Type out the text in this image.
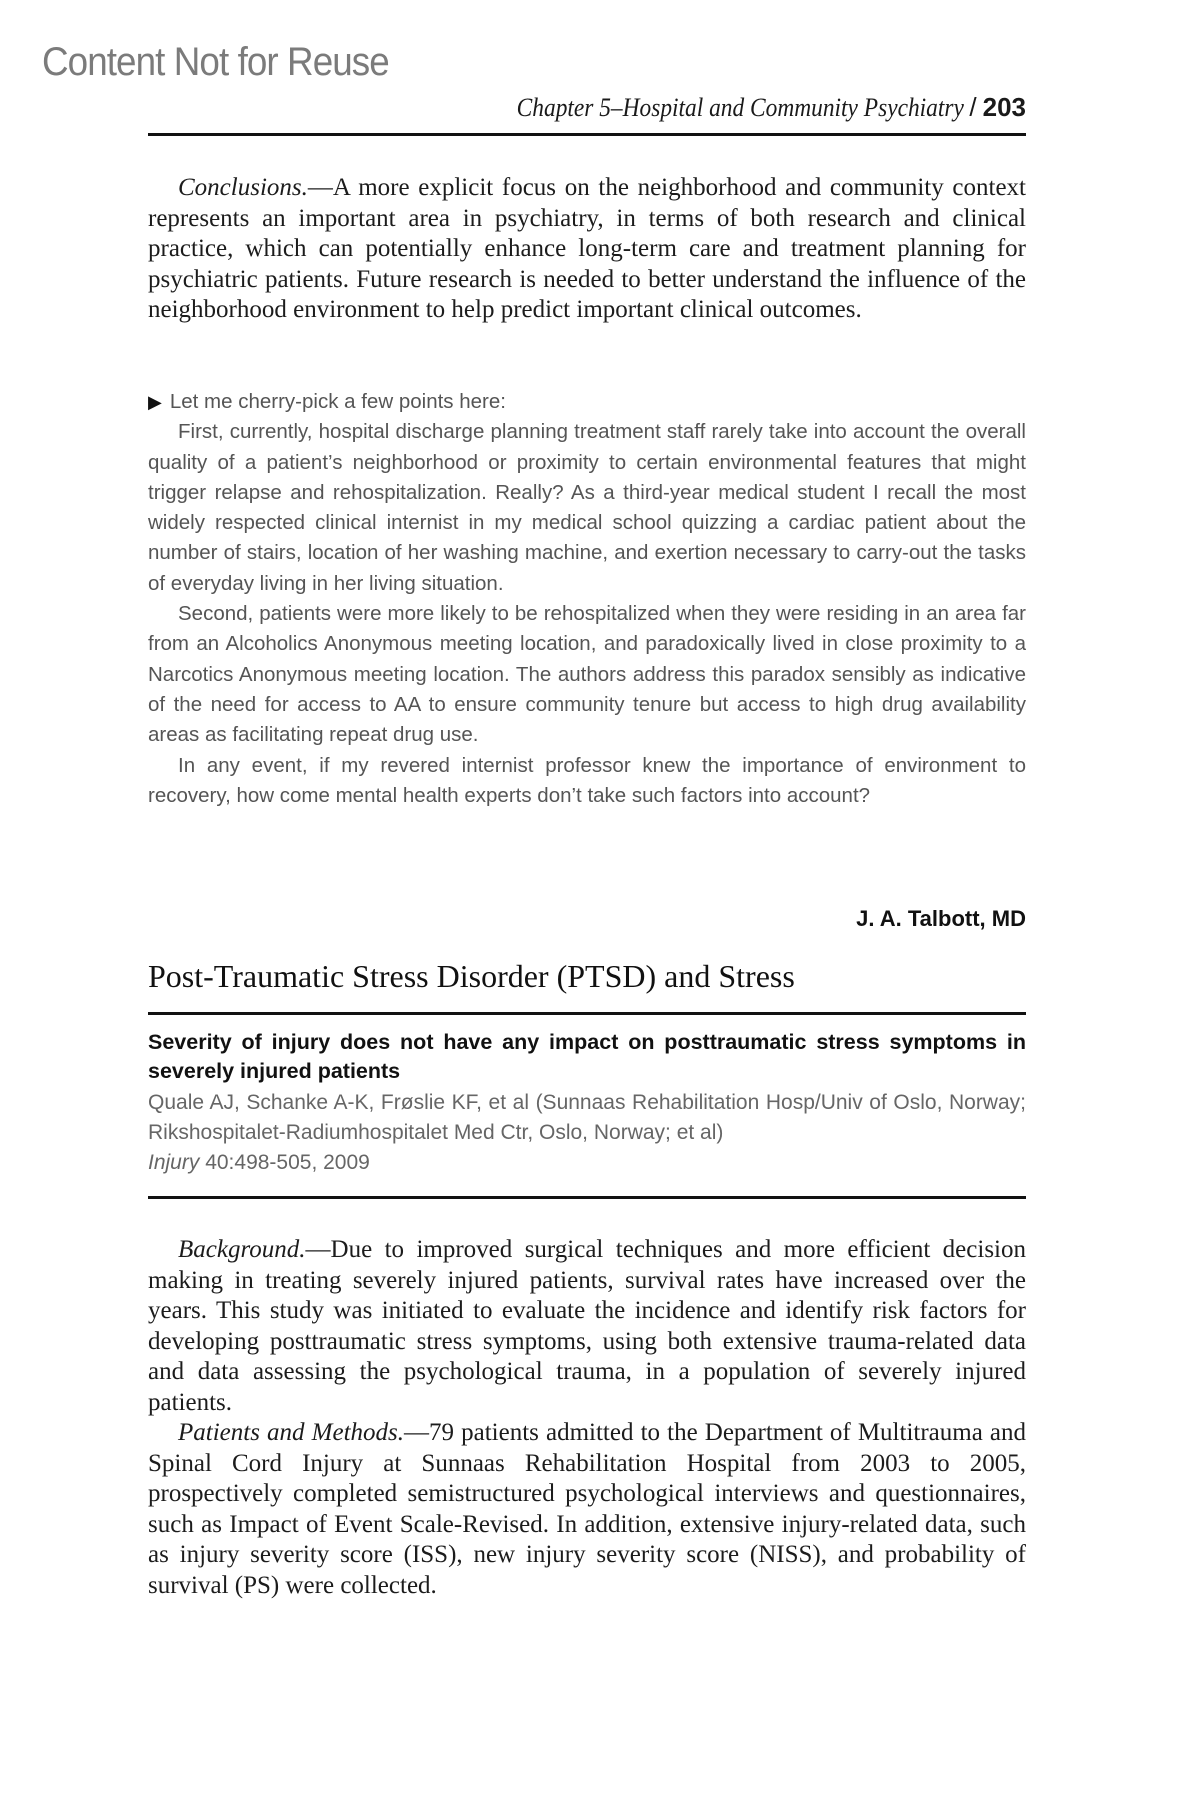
Content Not for Reuse
Chapter 5–Hospital and Community Psychiatry / 203

Conclusions.—A more explicit focus on the neighborhood and community context represents an important area in psychiatry, in terms of both research and clinical practice, which can potentially enhance long-term care and treatment planning for psychiatric patients. Future research is needed to better understand the influence of the neighborhood environment to help predict important clinical outcomes.

▶ Let me cherry-pick a few points here:

First, currently, hospital discharge planning treatment staff rarely take into account the overall quality of a patient’s neighborhood or proximity to certain environmental features that might trigger relapse and rehospitalization. Really? As a third-year medical student I recall the most widely respected clinical internist in my medical school quizzing a cardiac patient about the number of stairs, location of her washing machine, and exertion necessary to carry-out the tasks of everyday living in her living situation.

Second, patients were more likely to be rehospitalized when they were residing in an area far from an Alcoholics Anonymous meeting location, and paradoxically lived in close proximity to a Narcotics Anonymous meeting location. The authors address this paradox sensibly as indicative of the need for access to AA to ensure community tenure but access to high drug availability areas as facilitating repeat drug use.

In any event, if my revered internist professor knew the importance of environment to recovery, how come mental health experts don’t take such factors into account?

J. A. Talbott, MD
Post-Traumatic Stress Disorder (PTSD) and Stress
Severity of injury does not have any impact on posttraumatic stress symptoms in severely injured patients
Quale AJ, Schanke A-K, Frøslie KF, et al (Sunnaas Rehabilitation Hosp/Univ of Oslo, Norway; Rikshospitalet-Radiumhospitalet Med Ctr, Oslo, Norway; et al)
Injury 40:498-505, 2009

Background.—Due to improved surgical techniques and more efficient decision making in treating severely injured patients, survival rates have increased over the years. This study was initiated to evaluate the incidence and identify risk factors for developing posttraumatic stress symptoms, using both extensive trauma-related data and data assessing the psychological trauma, in a population of severely injured patients.

Patients and Methods.—79 patients admitted to the Department of Multitrauma and Spinal Cord Injury at Sunnaas Rehabilitation Hospital from 2003 to 2005, prospectively completed semistructured psychological interviews and questionnaires, such as Impact of Event Scale-Revised. In addition, extensive injury-related data, such as injury severity score (ISS), new injury severity score (NISS), and probability of survival (PS) were collected.
